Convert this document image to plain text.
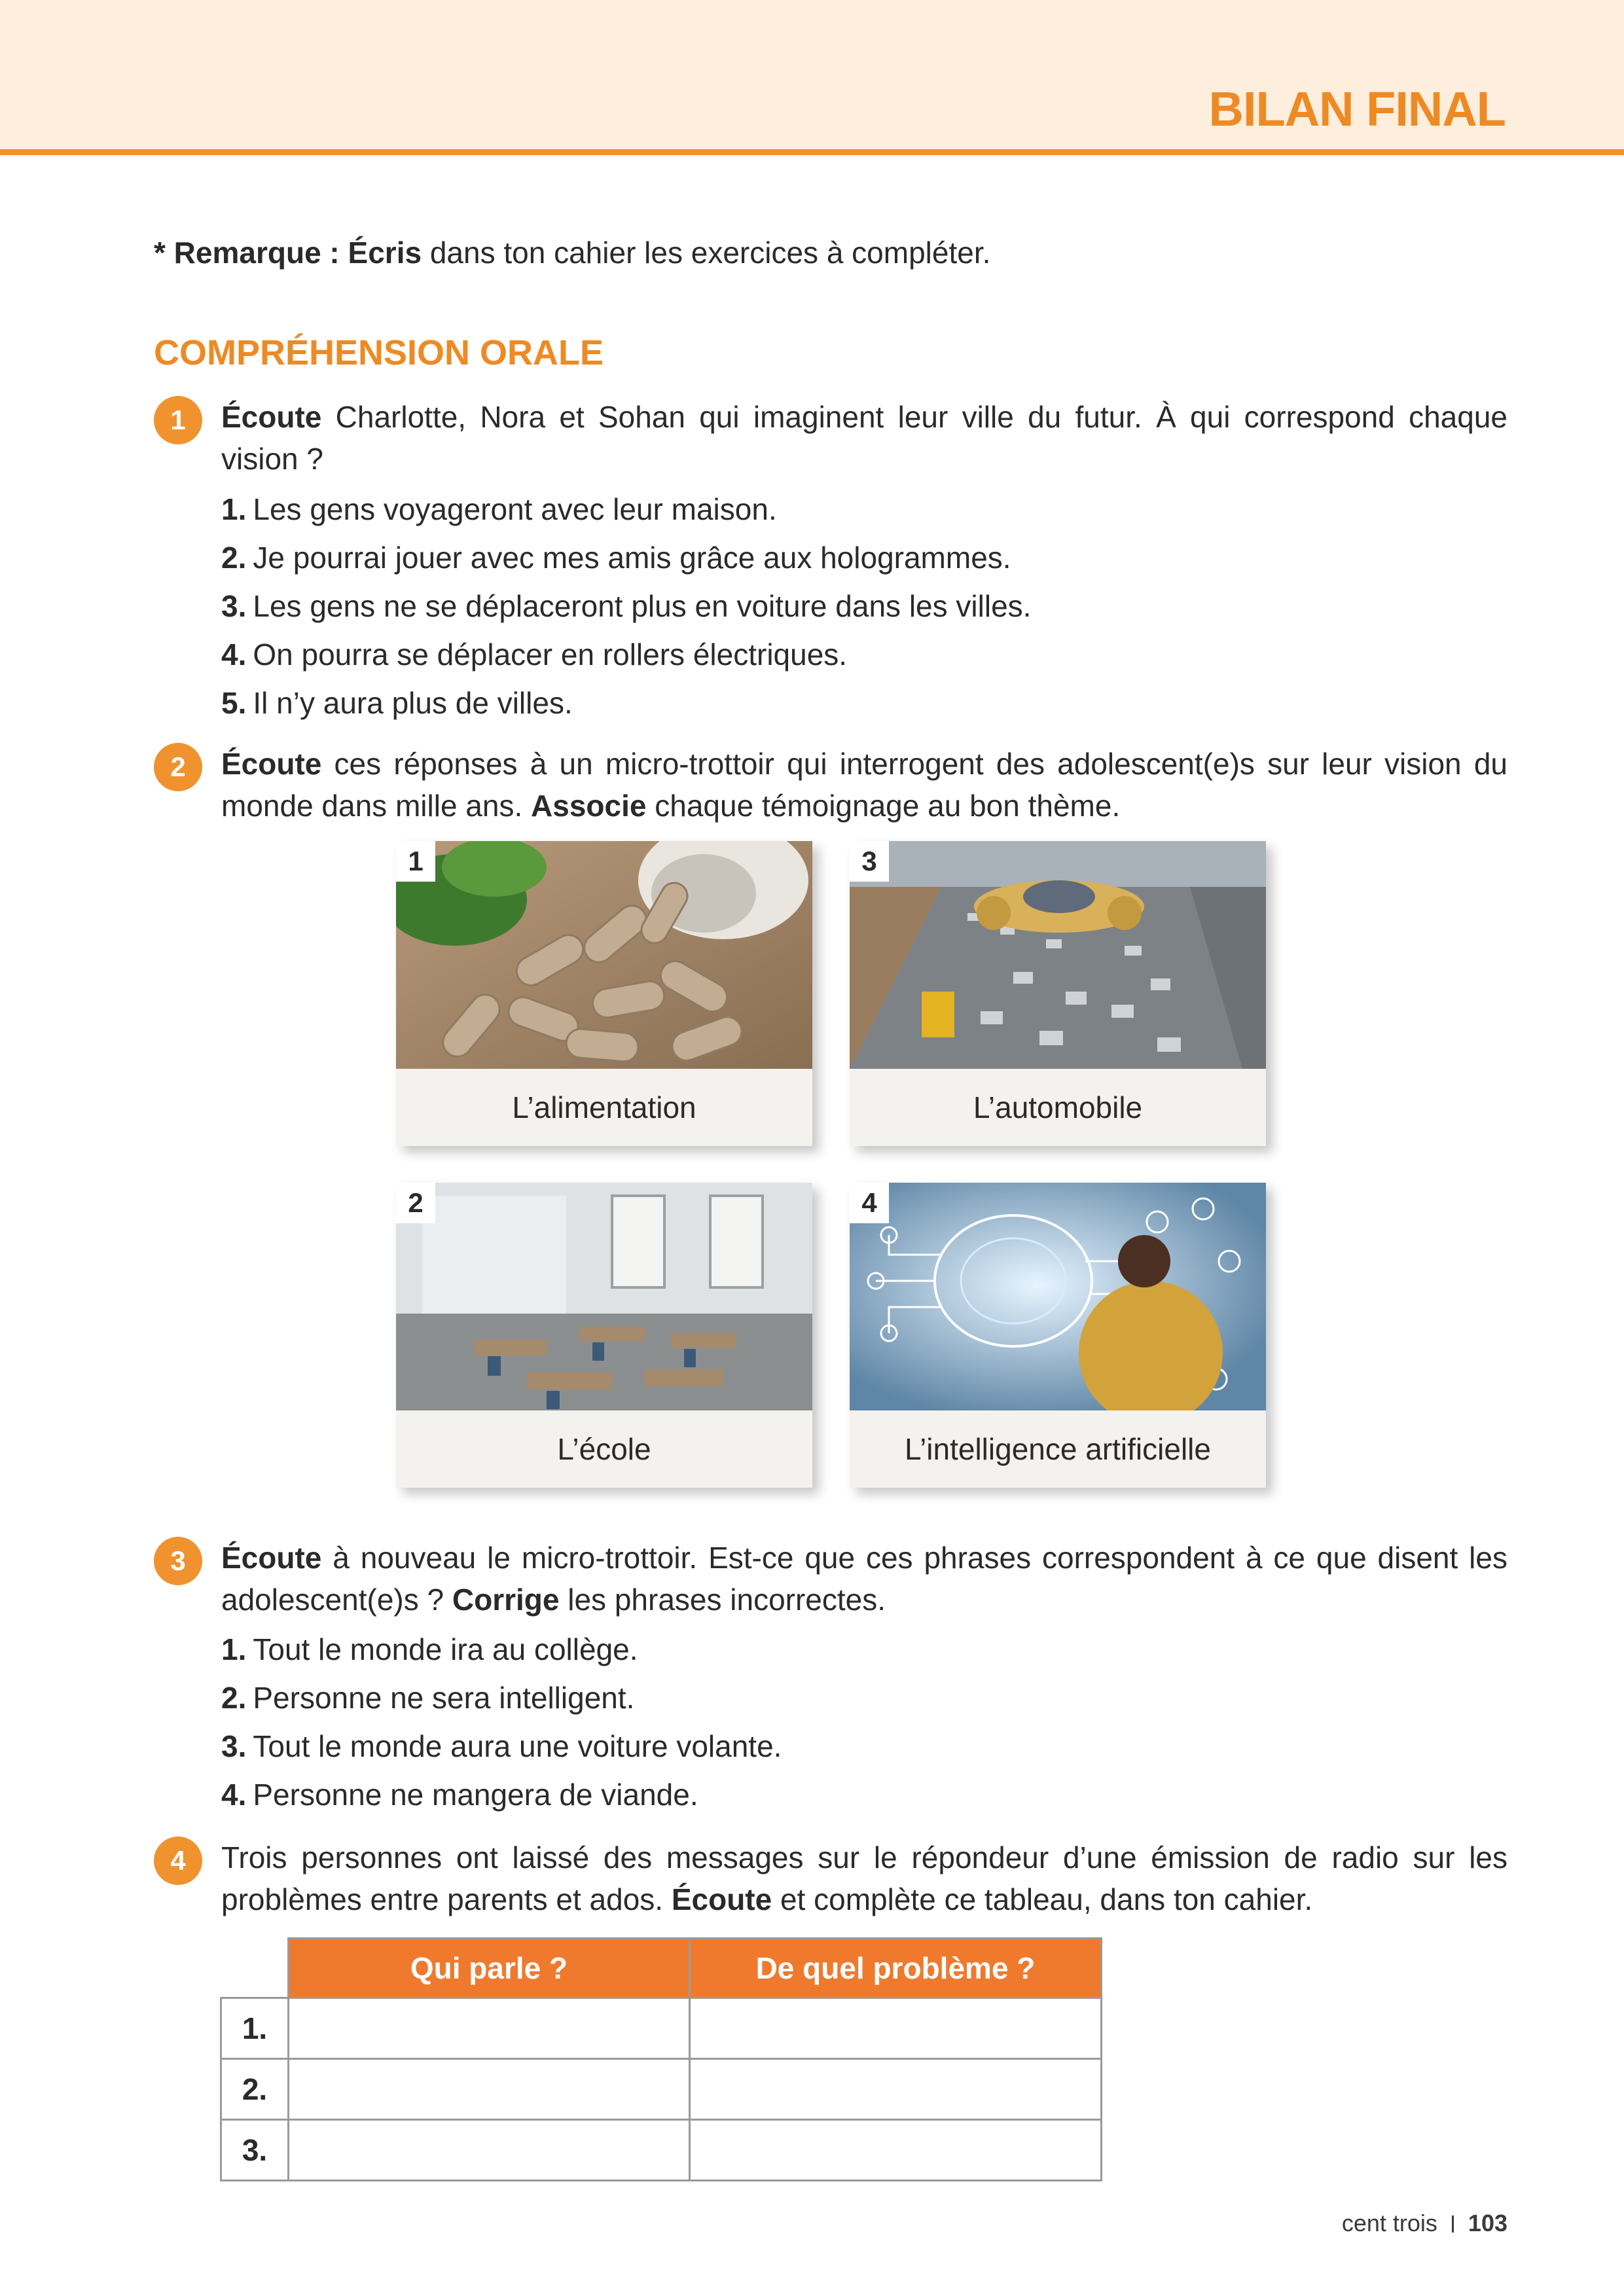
BILAN FINAL
* Remarque : Écris dans ton cahier les exercices à compléter.
COMPRÉHENSION ORALE
1	Écoute Charlotte, Nora et Sohan qui imaginent leur ville du futur. À qui correspond chaque vision ?
1. Les gens voyageront avec leur maison.
2. Je pourrai jouer avec mes amis grâce aux hologrammes.
3. Les gens ne se déplaceront plus en voiture dans les villes.
4. On pourra se déplacer en rollers électriques.
5. Il n’y aura plus de villes.
2	Écoute ces réponses à un micro-trottoir qui interrogent des adolescent(e)s sur leur vision du monde dans mille ans. Associe chaque témoignage au bon thème.
1
L’alimentation
3
L’automobile
2
L’école
4
L’intelligence artificielle
3	Écoute à nouveau le micro-trottoir. Est-ce que ces phrases correspondent à ce que disent les adolescent(e)s ? Corrige les phrases incorrectes.
1. Tout le monde ira au collège.
2. Personne ne sera intelligent.
3. Tout le monde aura une voiture volante.
4. Personne ne mangera de viande.
4	Trois personnes ont laissé des messages sur le répondeur d’une émission de radio sur les problèmes entre parents et ados. Écoute et complète ce tableau, dans ton cahier.
	Qui parle ?	De quel problème ?
1.		
2.		
3.		
cent trois 103
